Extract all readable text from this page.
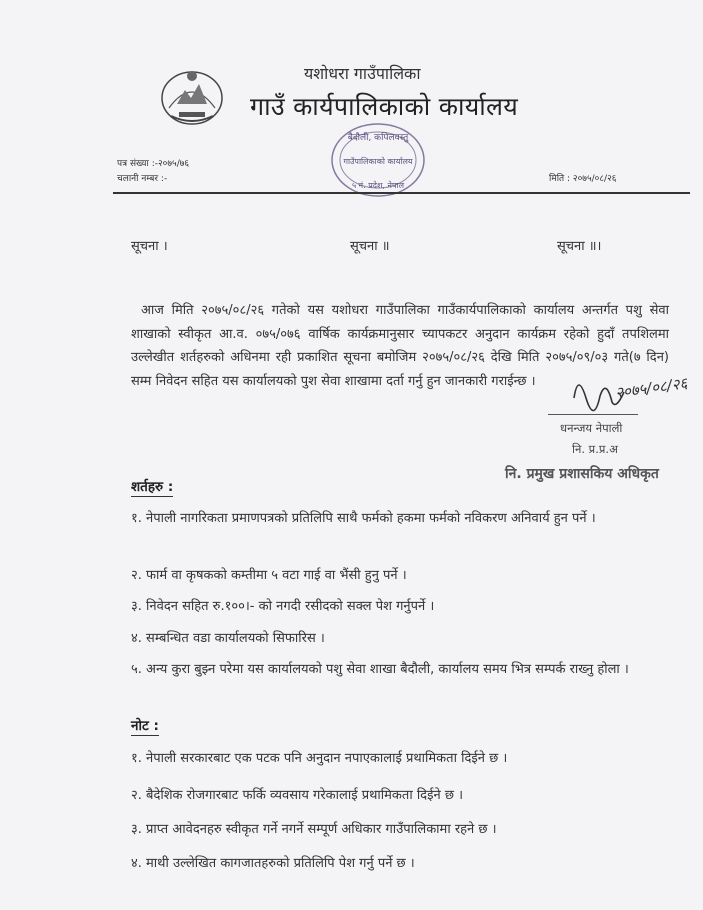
यशोधरा गाउँपालिका
गाउँ कार्यपालिकाको कार्यालय
बैदौली, कपिलवस्तु
गाउँपालिकाको कार्यालय
५ नं. प्रदेश, नेपाल
पत्र संख्या :-२०७५/७६
चलानी नम्बर :-	मिति : २०७५/०८/२६
सूचना ।	सूचना ॥	सूचना ॥।
आज मिति २०७५/०८/२६ गतेको यस यशोधरा गाउँपालिका गाउँकार्यपालिकाको कार्यालय अन्तर्गत पशु सेवा शाखाको स्वीकृत आ.व. ०७५/०७६ वार्षिक कार्यक्रमानुसार च्यापकटर अनुदान कार्यक्रम रहेको हुदाँ तपशिलमा उल्लेखीत शर्तहरुको अधिनमा रही प्रकाशित सूचना बमोजिम २०७५/०८/२६ देखि मिति २०७५/०९/०३ गते(७ दिन) सम्म निवेदन सहित यस कार्यालयको पुश सेवा शाखामा दर्ता गर्नु हुन जानकारी गराईन्छ ।	२०७५/०८/२६
धनन्जय नेपाली
नि. प्र.प्र.अ
नि. प्रमुख प्रशासकिय अधिकृत
शर्तहरु :
१. नेपाली नागरिकता प्रमाणपत्रको प्रतिलिपि साथै फर्मको हकमा फर्मको नविकरण अनिवार्य हुन पर्ने ।
२. फार्म वा कृषकको कम्तीमा ५ वटा गाई वा भैंसी हुनु पर्ने ।
३. निवेदन सहित रु.१००।- को नगदी रसीदको सक्ल पेश गर्नुपर्ने ।
४. सम्बन्धित वडा कार्यालयको सिफारिस ।
५. अन्य कुरा बुझ्न परेमा यस कार्यालयको पशु सेवा शाखा बैदौली, कार्यालय समय भित्र सम्पर्क राख्नु होला ।
नोट :
१. नेपाली सरकारबाट एक पटक पनि अनुदान नपाएकालाई प्रथामिकता दिईने छ ।
२. बैदेशिक रोजगारबाट फर्कि व्यवसाय गरेकालाई प्रथामिकता दिईने छ ।
३. प्राप्त आवेदनहरु स्वीकृत गर्ने नगर्ने सम्पूर्ण अधिकार गाउँपालिकामा रहने छ ।
४. माथी उल्लेखित कागजातहरुको प्रतिलिपि पेश गर्नु पर्ने छ ।
